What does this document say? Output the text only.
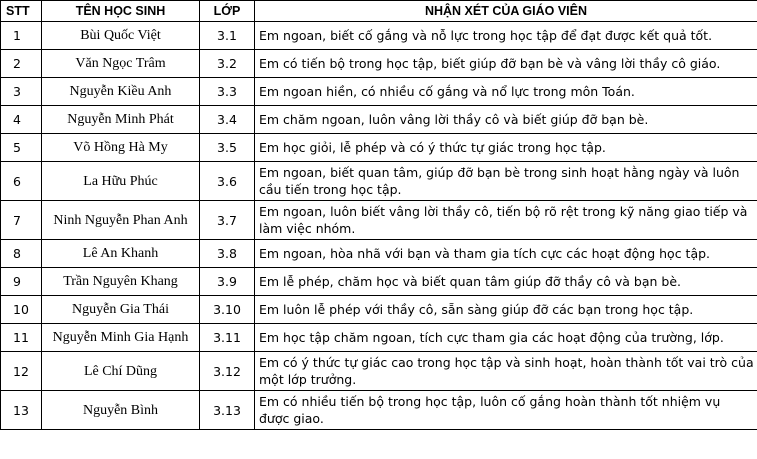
STT	TÊN HỌC SINH	LỚP	NHẬN XÉT CỦA GIÁO VIÊN
1	Bùi Quốc Việt	3.1	Em ngoan, biết cố gắng và nỗ lực trong học tập để đạt được kết quả tốt.
2	Văn Ngọc Trâm	3.2	Em có tiến bộ trong học tập, biết giúp đỡ bạn bè và vâng lời thầy cô giáo.
3	Nguyễn Kiều Anh	3.3	Em ngoan hiền, có nhiều cố gắng và nổ lực trong môn Toán.
4	Nguyễn Minh Phát	3.4	Em chăm ngoan, luôn vâng lời thầy cô và biết giúp đỡ bạn bè.
5	Võ Hồng Hà My	3.5	Em học giỏi, lễ phép và có ý thức tự giác trong học tập.
6	La Hữu Phúc	3.6	Em ngoan, biết quan tâm, giúp đỡ bạn bè trong sinh hoạt hằng ngày và luôn cầu tiến trong học tập.
7	Ninh Nguyễn Phan Anh	3.7	Em ngoan, luôn biết vâng lời thầy cô, tiến bộ rõ rệt trong kỹ năng giao tiếp và làm việc nhóm.
8	Lê An Khanh	3.8	Em ngoan, hòa nhã với bạn và tham gia tích cực các hoạt động học tập.
9	Trần Nguyên Khang	3.9	Em lễ phép, chăm học và biết quan tâm giúp đỡ thầy cô và bạn bè.
10	Nguyễn Gia Thái	3.10	Em luôn lễ phép với thầy cô, sẵn sàng giúp đỡ các bạn trong học tập.
11	Nguyễn Minh Gia Hạnh	3.11	Em học tập chăm ngoan, tích cực tham gia các hoạt động của trường, lớp.
12	Lê Chí Dũng	3.12	Em có ý thức tự giác cao trong học tập và sinh hoạt, hoàn thành tốt vai trò của một lớp trưởng.
13	Nguyễn Bình	3.13	Em có nhiều tiến bộ trong học tập, luôn cố gắng hoàn thành tốt nhiệm vụ được giao.
